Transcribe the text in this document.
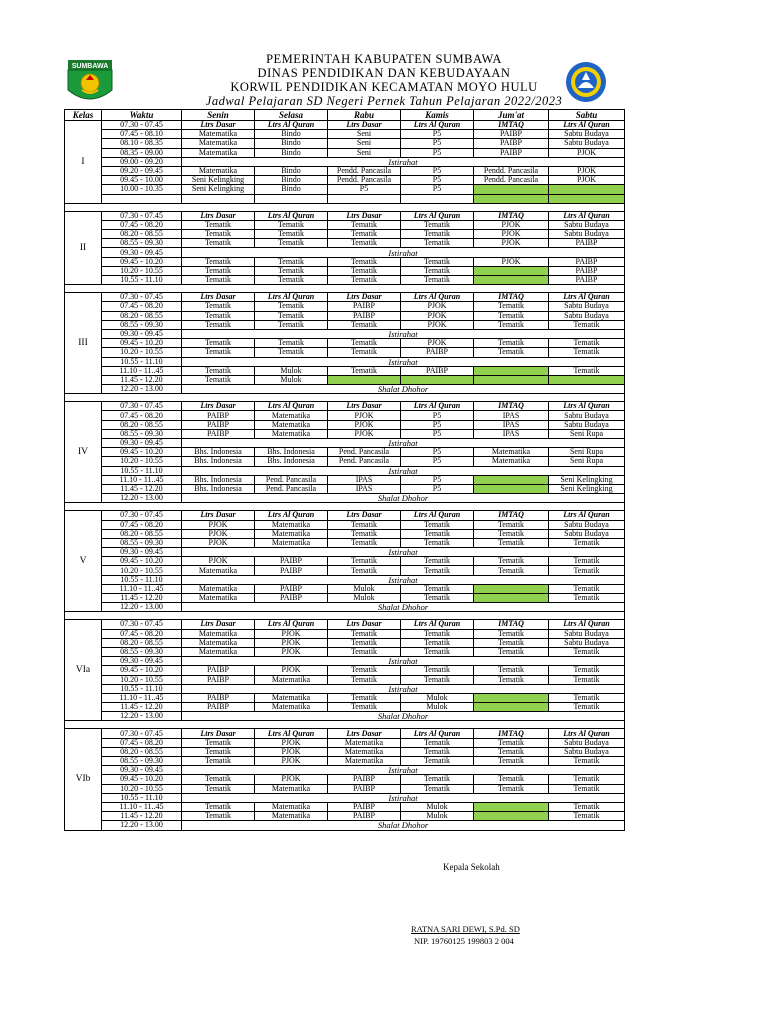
SUMBAWA
PEMERINTAH KABUPATEN SUMBAWA
DINAS PENDIDIKAN DAN KEBUDAYAAN
KORWIL PENDIDIKAN KECAMATAN MOYO HULU
Jadwal Pelajaran SD Negeri Pernek Tahun Pelajaran 2022/2023
Kelas	Waktu	Senin	Selasa	Rabu	Kamis	Jum'at	Sabtu
I	07.30 - 07.45	Ltrs Dasar	Ltrs Al Quran	Ltrs Dasar	Ltrs Al Quran	IMTAQ	Ltrs Al Quran
	07.45 - 08.10	Matematika	Bindo	Seni	P5	PAIBP	Sabtu Budaya
	08.10 - 08.35	Matematika	Bindo	Seni	P5	PAIBP	Sabtu Budaya
	08.35 - 09.00	Matematika	Bindo	Seni	P5	PAIBP	PJOK
	09.00 - 09.20	Istirahat					
	09.20 - 09.45	Matematika	Bindo	Pendd. Pancasila	P5	Pendd. Pancasila	PJOK
	09.45 - 10.00	Seni Kelingking	Bindo	Pendd. Pancasila	P5	Pendd. Pancasila	PJOK
	10.00 - 10.35	Seni Kelingking	Bindo	P5	P5		

II	07.30 - 07.45	Ltrs Dasar	Ltrs Al Quran	Ltrs Dasar	Ltrs Al Quran	IMTAQ	Ltrs Al Quran
	07.45 - 08.20	Tematik	Tematik	Tematik	Tematik	PJOK	Sabtu Budaya
	08.20 - 08.55	Tematik	Tematik	Tematik	Tematik	PJOK	Sabtu Budaya
	08.55 - 09.30	Tematik	Tematik	Tematik	Tematik	PJOK	PAIBP
	09.30 - 09.45	Istirahat					
	09.45 - 10.20	Tematik	Tematik	Tematik	Tematik	PJOK	PAIBP
	10.20 - 10.55	Tematik	Tematik	Tematik	Tematik		PAIBP
	10.55 - 11.10	Tematik	Tematik	Tematik	Tematik		PAIBP

III	07.30 - 07.45	Ltrs Dasar	Ltrs Al Quran	Ltrs Dasar	Ltrs Al Quran	IMTAQ	Ltrs Al Quran
	07.45 - 08.20	Tematik	Tematik	PAIBP	PJOK	Tematik	Sabtu Budaya
	08.20 - 08.55	Tematik	Tematik	PAIBP	PJOK	Tematik	Sabtu Budaya
	08.55 - 09.30	Tematik	Tematik	Tematik	PJOK	Tematik	Tematik
	09.30 - 09.45	Istirahat					
	09.45 - 10.20	Tematik	Tematik	Tematik	PJOK	Tematik	Tematik
	10.20 - 10.55	Tematik	Tematik	Tematik	PAIBP	Tematik	Tematik
	10.55 - 11.10	Istirahat					
	11.10 - 11..45	Tematik	Mulok	Tematik	PAIBP		Tematik
	11.45 - 12.20	Tematik	Mulok				
	12.20 - 13.00	Shalat Dhohor					

IV	07.30 - 07.45	Ltrs Dasar	Ltrs Al Quran	Ltrs Dasar	Ltrs Al Quran	IMTAQ	Ltrs Al Quran
	07.45 - 08.20	PAIBP	Matematika	PJOK	P5	IPAS	Sabtu Budaya
	08.20 - 08.55	PAIBP	Matematika	PJOK	P5	IPAS	Sabtu Budaya
	08.55 - 09.30	PAIBP	Matematika	PJOK	P5	IPAS	Seni Rupa
	09.30 - 09.45	Istirahat					
	09.45 - 10.20	Bhs. Indonesia	Bhs. Indonesia	Pend. Pancasila	P5	Matematika	Seni Rupa
	10.20 - 10.55	Bhs. Indonesia	Bhs. Indonesia	Pend. Pancasila	P5	Matematika	Seni Rupa
	10.55 - 11.10	Istirahat					
	11.10 - 11..45	Bhs. Indonesia	Pend. Pancasila	IPAS	P5		Seni Kelingking
	11.45 - 12.20	Bhs. Indonesia	Pend. Pancasila	IPAS	P5		Seni Kelingking
	12.20 - 13.00	Shalat Dhohor					

V	07.30 - 07.45	Ltrs Dasar	Ltrs Al Quran	Ltrs Dasar	Ltrs Al Quran	IMTAQ	Ltrs Al Quran
	07.45 - 08.20	PJOK	Matematika	Tematik	Tematik	Tematik	Sabtu Budaya
	08.20 - 08.55	PJOK	Matematika	Tematik	Tematik	Tematik	Sabtu Budaya
	08.55 - 09.30	PJOK	Matematika	Tematik	Tematik	Tematik	Tematik
	09.30 - 09.45	Istirahat					
	09.45 - 10.20	PJOK	PAIBP	Tematik	Tematik	Tematik	Tematik
	10.20 - 10.55	Matematika	PAIBP	Tematik	Tematik	Tematik	Tematik
	10.55 - 11.10	Istirahat					
	11.10 - 11..45	Matematika	PAIBP	Mulok	Tematik		Tematik
	11.45 - 12.20	Matematika	PAIBP	Mulok	Tematik		Tematik
	12.20 - 13.00	Shalat Dhohor					

VIa	07.30 - 07.45	Ltrs Dasar	Ltrs Al Quran	Ltrs Dasar	Ltrs Al Quran	IMTAQ	Ltrs Al Quran
	07.45 - 08.20	Matematika	PJOK	Tematik	Tematik	Tematik	Sabtu Budaya
	08.20 - 08.55	Matematika	PJOK	Tematik	Tematik	Tematik	Sabtu Budaya
	08.55 - 09.30	Matematika	PJOK	Tematik	Tematik	Tematik	Tematik
	09.30 - 09.45	Istirahat					
	09.45 - 10.20	PAIBP	PJOK	Tematik	Tematik	Tematik	Tematik
	10.20 - 10.55	PAIBP	Matematika	Tematik	Tematik	Tematik	Tematik
	10.55 - 11.10	Istirahat					
	11.10 - 11..45	PAIBP	Matematika	Tematik	Mulok		Tematik
	11.45 - 12.20	PAIBP	Matematika	Tematik	Mulok		Tematik
	12.20 - 13.00	Shalat Dhohor					

VIb	07.30 - 07.45	Ltrs Dasar	Ltrs Al Quran	Ltrs Dasar	Ltrs Al Quran	IMTAQ	Ltrs Al Quran
	07.45 - 08.20	Tematik	PJOK	Matematika	Tematik	Tematik	Sabtu Budaya
	08.20 - 08.55	Tematik	PJOK	Matematika	Tematik	Tematik	Sabtu Budaya
	08.55 - 09.30	Tematik	PJOK	Matematika	Tematik	Tematik	Tematik
	09.30 - 09.45	Istirahat					
	09.45 - 10.20	Tematik	PJOK	PAIBP	Tematik	Tematik	Tematik
	10.20 - 10.55	Tematik	Matematika	PAIBP	Tematik	Tematik	Tematik
	10.55 - 11.10	Istirahat					
	11.10 - 11..45	Tematik	Matematika	PAIBP	Mulok		Tematik
	11.45 - 12.20	Tematik	Matematika	PAIBP	Mulok		Tematik
	12.20 - 13.00	Shalat Dhohor					
Kepala Sekolah
RATNA SARI DEWI, S.Pd. SD
NIP. 19760125 199803 2 004
